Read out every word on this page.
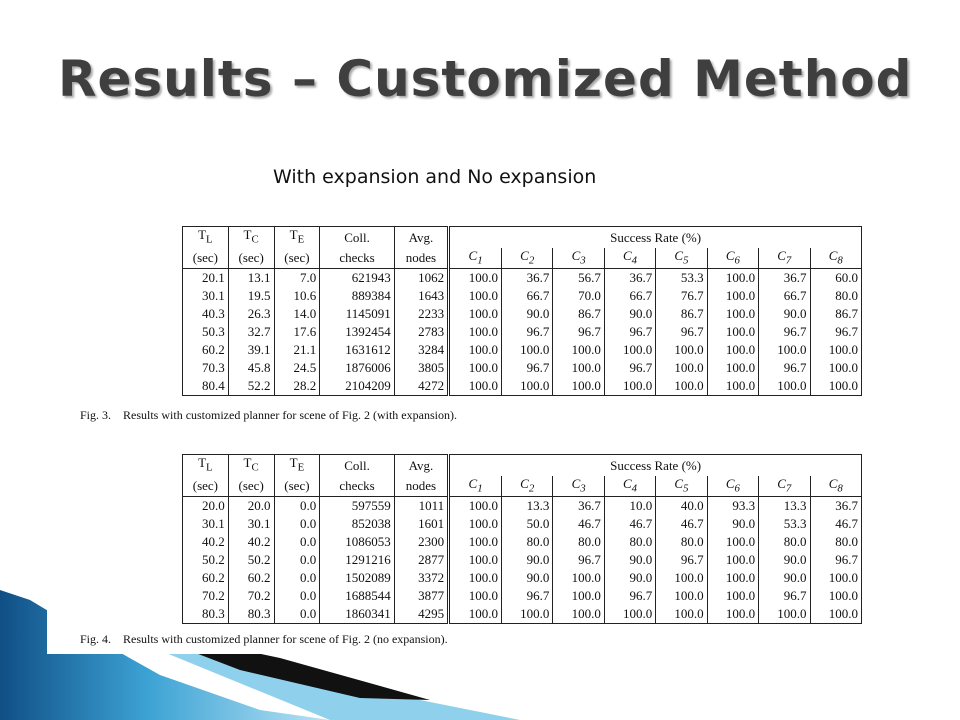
Results – Customized Method
With expansion and No expansion
$T_L$	$T_C$	$T_E$	Coll.	Avg.	Success Rate (%)							
(sec)	(sec)	(sec)	checks	nodes	$C_1$	$C_2$	$C_3$	$C_4$	$C_5$	$C_6$	$C_7$	$C_8$
20.1	13.1	7.0	621943	1062	100.0	36.7	56.7	36.7	53.3	100.0	36.7	60.0
30.1	19.5	10.6	889384	1643	100.0	66.7	70.0	66.7	76.7	100.0	66.7	80.0
40.3	26.3	14.0	1145091	2233	100.0	90.0	86.7	90.0	86.7	100.0	90.0	86.7
50.3	32.7	17.6	1392454	2783	100.0	96.7	96.7	96.7	96.7	100.0	96.7	96.7
60.2	39.1	21.1	1631612	3284	100.0	100.0	100.0	100.0	100.0	100.0	100.0	100.0
70.3	45.8	24.5	1876006	3805	100.0	96.7	100.0	96.7	100.0	100.0	96.7	100.0
80.4	52.2	28.2	2104209	4272	100.0	100.0	100.0	100.0	100.0	100.0	100.0	100.0
Fig. 3. Results with customized planner for scene of Fig. 2 (with expansion).
$T_L$	$T_C$	$T_E$	Coll.	Avg.	Success Rate (%)							
(sec)	(sec)	(sec)	checks	nodes	$C_1$	$C_2$	$C_3$	$C_4$	$C_5$	$C_6$	$C_7$	$C_8$
20.0	20.0	0.0	597559	1011	100.0	13.3	36.7	10.0	40.0	93.3	13.3	36.7
30.1	30.1	0.0	852038	1601	100.0	50.0	46.7	46.7	46.7	90.0	53.3	46.7
40.2	40.2	0.0	1086053	2300	100.0	80.0	80.0	80.0	80.0	100.0	80.0	80.0
50.2	50.2	0.0	1291216	2877	100.0	90.0	96.7	90.0	96.7	100.0	90.0	96.7
60.2	60.2	0.0	1502089	3372	100.0	90.0	100.0	90.0	100.0	100.0	90.0	100.0
70.2	70.2	0.0	1688544	3877	100.0	96.7	100.0	96.7	100.0	100.0	96.7	100.0
80.3	80.3	0.0	1860341	4295	100.0	100.0	100.0	100.0	100.0	100.0	100.0	100.0
Fig. 4. Results with customized planner for scene of Fig. 2 (no expansion).
